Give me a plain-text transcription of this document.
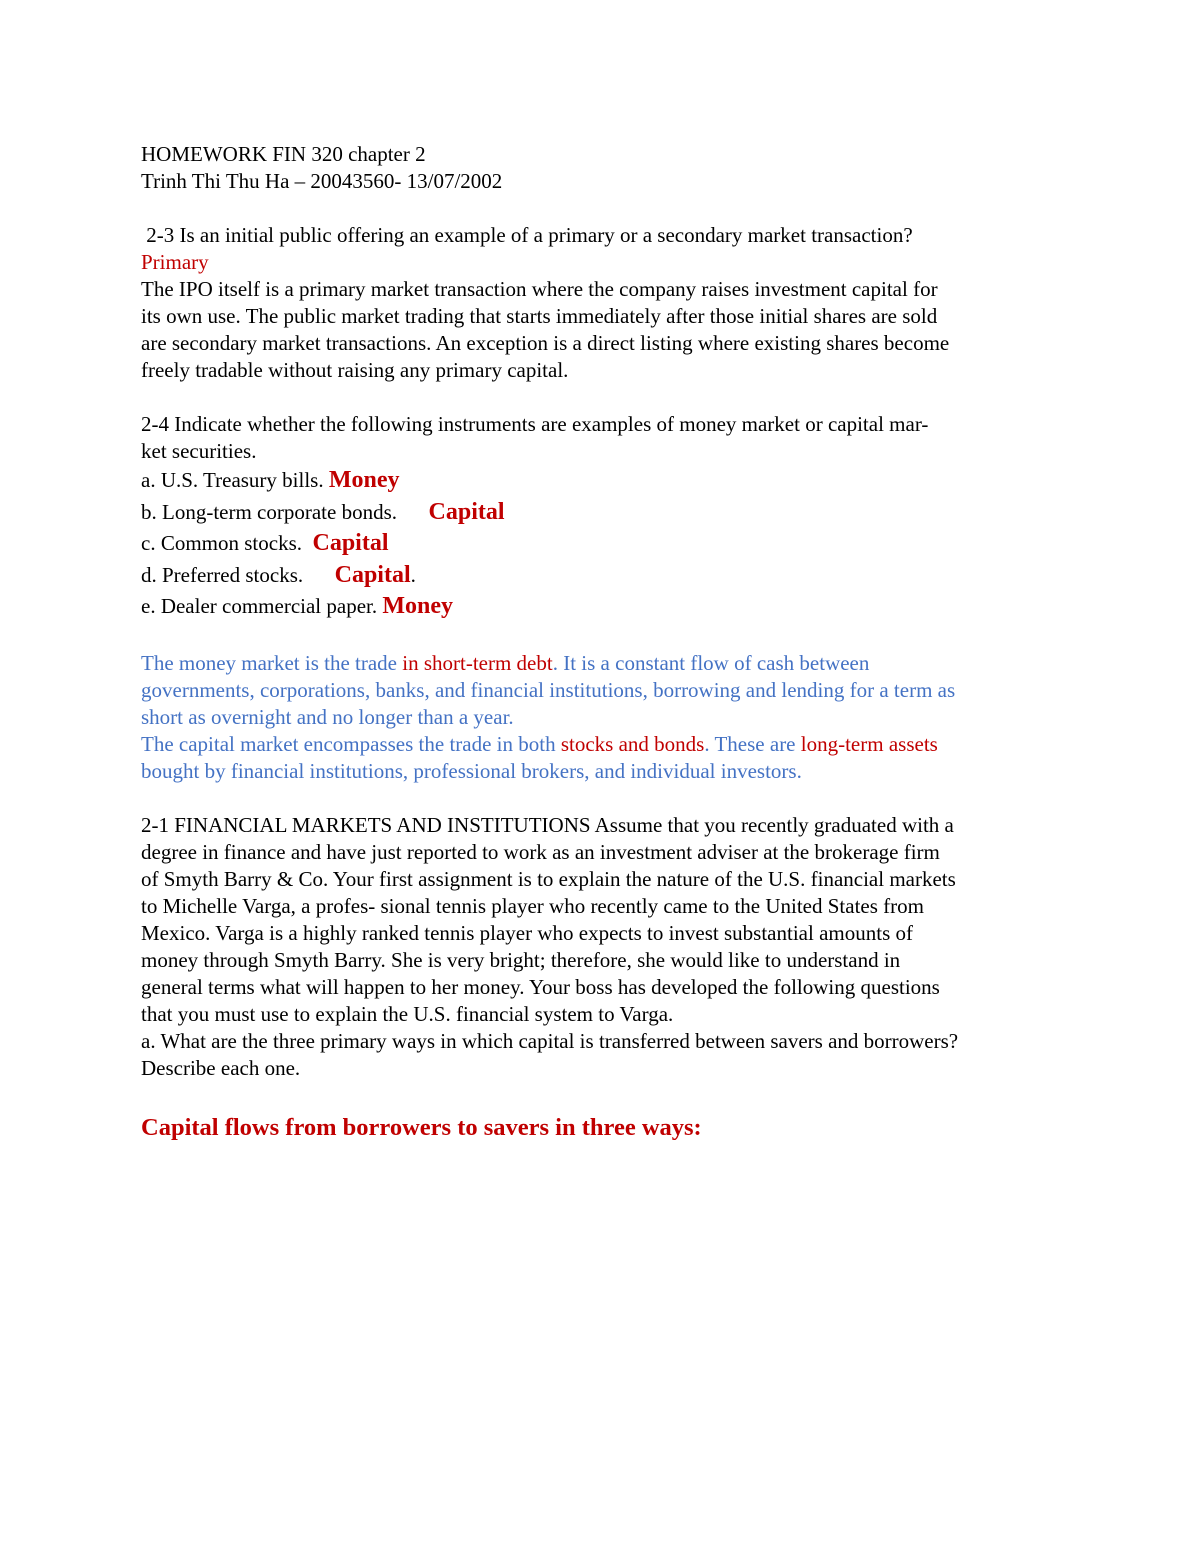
HOMEWORK FIN 320 chapter 2
Trinh Thi Thu Ha – 20043560- 13/07/2002
2-3 Is an initial public offering an example of a primary or a secondary market transaction?
Primary
The IPO itself is a primary market transaction where the company raises investment capital for
its own use. The public market trading that starts immediately after those initial shares are sold
are secondary market transactions. An exception is a direct listing where existing shares become
freely tradable without raising any primary capital.
2-4 Indicate whether the following instruments are examples of money market or capital mar-
ket securities.
a. U.S. Treasury bills. Money
b. Long-term corporate bonds.      Capital
c. Common stocks.  Capital
d. Preferred stocks.      Capital.
e. Dealer commercial paper. Money
The money market is the trade in short-term debt. It is a constant flow of cash between
governments, corporations, banks, and financial institutions, borrowing and lending for a term as
short as overnight and no longer than a year.
The capital market encompasses the trade in both stocks and bonds. These are long-term assets
bought by financial institutions, professional brokers, and individual investors.
2-1 FINANCIAL MARKETS AND INSTITUTIONS Assume that you recently graduated with a
degree in finance and have just reported to work as an investment adviser at the brokerage firm
of Smyth Barry & Co. Your first assignment is to explain the nature of the U.S. financial markets
to Michelle Varga, a profes- sional tennis player who recently came to the United States from
Mexico. Varga is a highly ranked tennis player who expects to invest substantial amounts of
money through Smyth Barry. She is very bright; therefore, she would like to understand in
general terms what will happen to her money. Your boss has developed the following questions
that you must use to explain the U.S. financial system to Varga.
a. What are the three primary ways in which capital is transferred between savers and borrowers?
Describe each one.
Capital flows from borrowers to savers in three ways:
